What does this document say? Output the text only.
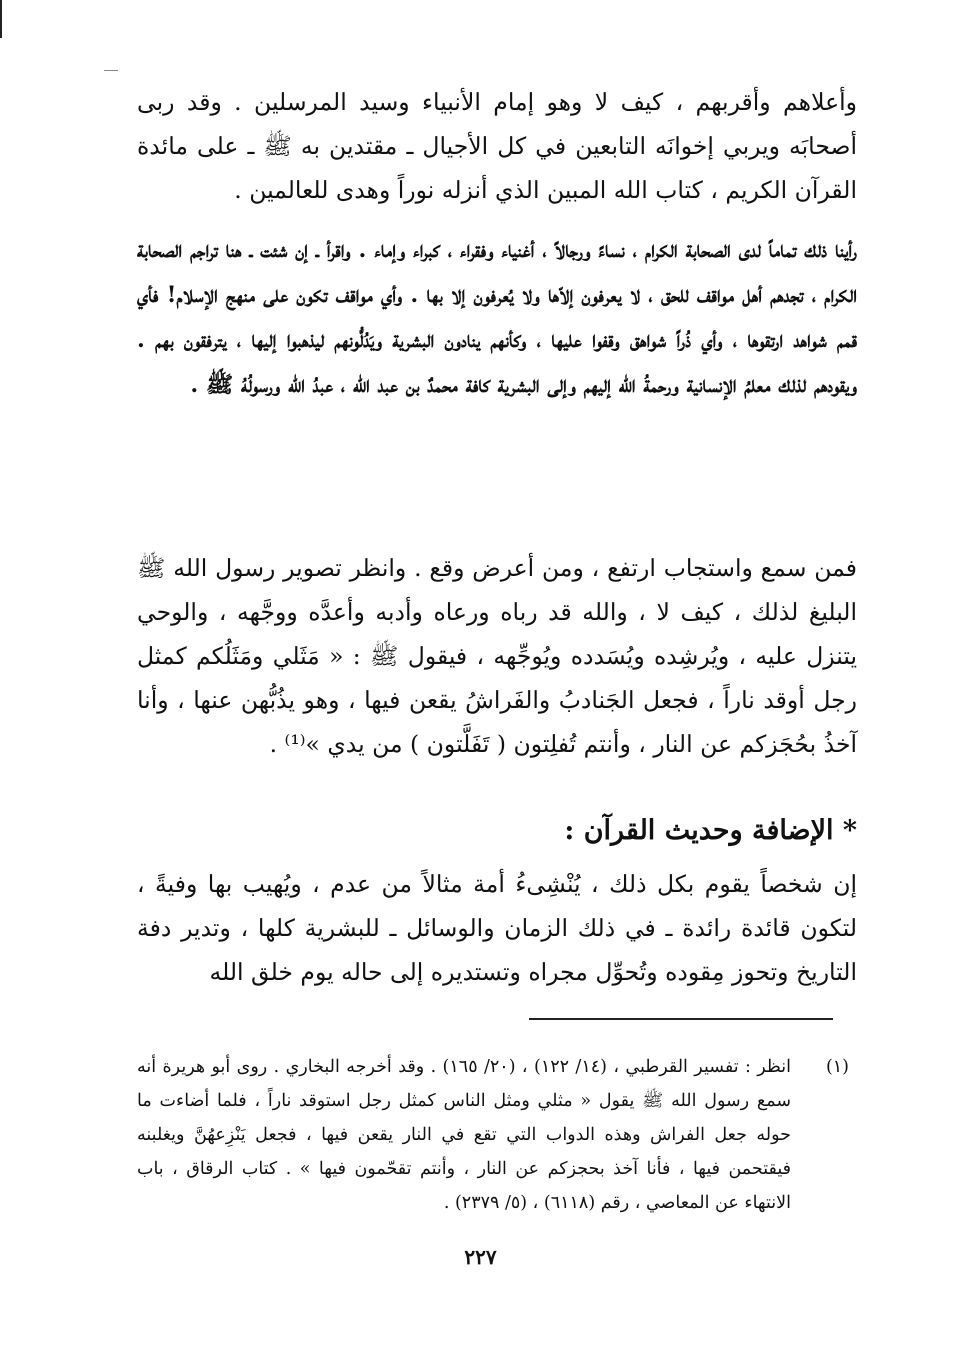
وأعلاهم وأقربهم ، كيف لا وهو إمام الأنبياء وسيد المرسلين . وقد ربى أصحابَه ويربي إخوانَه التابعين في كل الأجيال ـ مقتدين به ﷺ ـ على مائدة القرآن الكريم ، كتاب الله المبين الذي أنزله نوراً وهدى للعالمين .

رأينا ذلك تماماً لدى الصحابة الكرام ، نساءً ورجالاً ، أغنياء وفقراء ، كبراء وإماء . واقرأ ـ إن شئت ـ هنا تراجم الصحابة الكرام ، تجدهم أهل مواقف للحق ، لا يعرفون إلاّها ولا يُعرفون إلا بها . وأي مواقف تكون على منهج الإسلام! فأي قمم شواهد ارتقوها ، وأي ذُراً شواهق وقفوا عليها ، وكأنهم ينادون البشرية ويَدُلُّونهم ليذهبوا إليها ، يترفقون بهم . ويقودهم لذلك معلمُ الإنسانية ورحمةُ الله إليهم وإلى البشرية كافة محمدٌ بن عبد الله ، عبدُ الله ورسولُهُ ﷺ .

فمن سمع واستجاب ارتفع ، ومن أعرض وقع . وانظر تصوير رسول الله ﷺ البليغ لذلك ، كيف لا ، والله قد رباه ورعاه وأدبه وأعدَّه ووجَّهه ، والوحي يتنزل عليه ، ويُرشِده ويُسَدده ويُوجِّهه ، فيقول ﷺ : « مَثَلي ومَثَلُكم كمثل رجل أوقد ناراً ، فجعل الجَنادبُ والفَراشُ يقعن فيها ، وهو يذُبُّهن عنها ، وأنا آخذُ بحُجَزكم عن النار ، وأنتم تُفلِتون ( تَفَلَّتون ) من يدي »⁽¹⁾ .

* الإضافة وحديث القرآن :

إن شخصاً يقوم بكل ذلك ، يُنْشِىءُ أمة مثالاً من عدم ، ويُهيب بها وفيةً ، لتكون قائدة رائدة ـ في ذلك الزمان والوسائل ـ للبشرية كلها ، وتدير دفة التاريخ وتحوز مِقوده وتُحوِّل مجراه وتستديره إلى حاله يوم خلق الله

(١)
انظر : تفسير القرطبي ، (١٤/ ١٢٢) ، (٢٠/ ١٦٥) . وقد أخرجه البخاري . روى أبو هريرة أنه سمع رسول الله ﷺ يقول « مثلي ومثل الناس كمثل رجل استوقد ناراً ، فلما أضاءت ما حوله جعل الفراش وهذه الدواب التي تقع في النار يقعن فيها ، فجعل يَنْزِعهُنَّ ويغلبنه فيقتحمن فيها ، فأنا آخذ بحجزكم عن النار ، وأنتم تقحّمون فيها » . كتاب الرقاق ، باب الانتهاء عن المعاصي ، رقم (٦١١٨) ، (٥/ ٢٣٧٩) .
٢٢٧
